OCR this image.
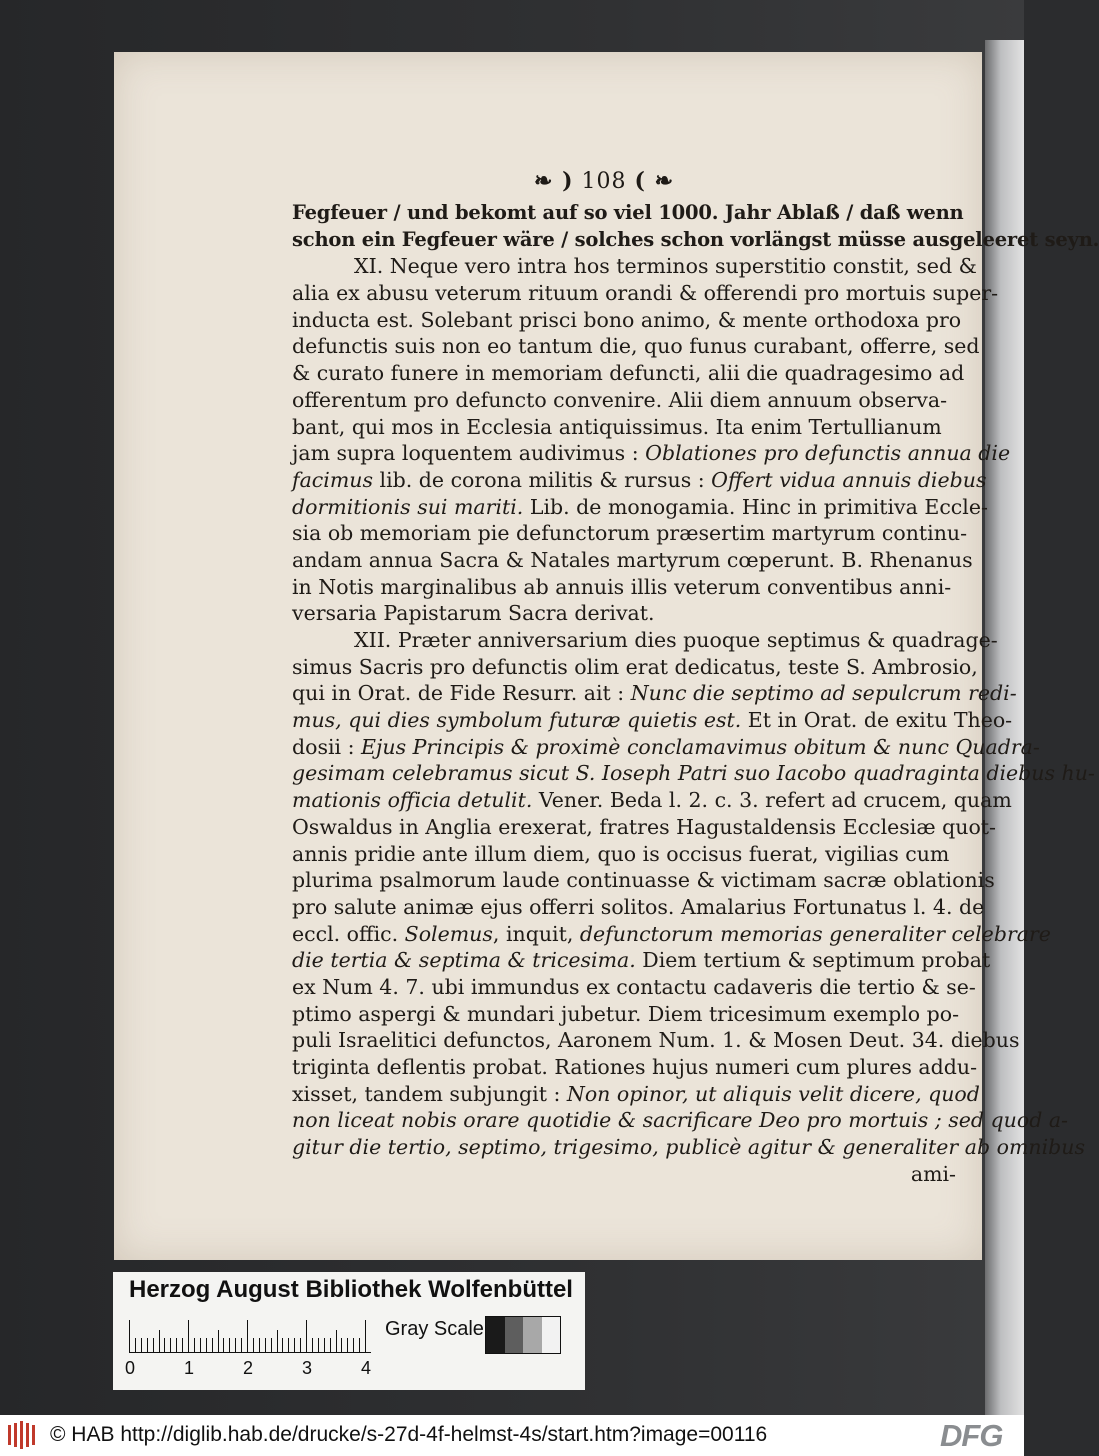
❧ ) 108 ( ❧
Fegfeuer / und bekomt auf so viel 1000. Jahr Ablaß / daß wenn
schon ein Fegfeuer wäre / solches schon vorlängst müsse ausgeleeret seyn.
XI. Neque vero intra hos terminos superstitio constit, sed &
alia ex abusu veterum rituum orandi & offerendi pro mortuis super-
inducta est. Solebant prisci bono animo, & mente orthodoxa pro
defunctis suis non eo tantum die, quo funus curabant, offerre, sed
& curato funere in memoriam defuncti, alii die quadragesimo ad
offerentum pro defuncto convenire. Alii diem annuum observa-
bant, qui mos in Ecclesia antiquissimus. Ita enim Tertullianum
jam supra loquentem audivimus : Oblationes pro defunctis annua die
facimus lib. de corona militis & rursus : Offert vidua annuis diebus
dormitionis sui mariti. Lib. de monogamia. Hinc in primitiva Eccle-
sia ob memoriam pie defunctorum præsertim martyrum continu-
andam annua Sacra & Natales martyrum cœperunt. B. Rhenanus
in Notis marginalibus ab annuis illis veterum conventibus anni-
versaria Papistarum Sacra derivat.
XII. Præter anniversarium dies puoque septimus & quadrage-
simus Sacris pro defunctis olim erat dedicatus, teste S. Ambrosio,
qui in Orat. de Fide Resurr. ait : Nunc die septimo ad sepulcrum redi-
mus, qui dies symbolum futuræ quietis est. Et in Orat. de exitu Theo-
dosii : Ejus Principis & proximè conclamavimus obitum & nunc Quadra-
gesimam celebramus sicut S. Ioseph Patri suo Iacobo quadraginta diebus hu-
mationis officia detulit. Vener. Beda l. 2. c. 3. refert ad crucem, quam
Oswaldus in Anglia erexerat, fratres Hagustaldensis Ecclesiæ quot-
annis pridie ante illum diem, quo is occisus fuerat, vigilias cum
plurima psalmorum laude continuasse & victimam sacræ oblationis
pro salute animæ ejus offerri solitos. Amalarius Fortunatus l. 4. de
eccl. offic. Solemus, inquit, defunctorum memorias generaliter celebrare
die tertia & septima & tricesima. Diem tertium & septimum probat
ex Num 4. 7. ubi immundus ex contactu cadaveris die tertio & se-
ptimo aspergi & mundari jubetur. Diem tricesimum exemplo po-
puli Israelitici defunctos, Aaronem Num. 1. & Mosen Deut. 34. diebus
triginta deflentis probat. Rationes hujus numeri cum plures addu-
xisset, tandem subjungit : Non opinor, ut aliquis velit dicere, quod
non liceat nobis orare quotidie & sacrificare Deo pro mortuis ; sed quod a-
gitur die tertio, septimo, trigesimo, publicè agitur & generaliter ab omnibus
ami-
Herzog August Bibliothek Wolfenbüttel
0	1	2	3	4
Gray Scale
© HAB http://diglib.hab.de/drucke/s-27d-4f-helmst-4s/start.htm?image=00116	DFG
